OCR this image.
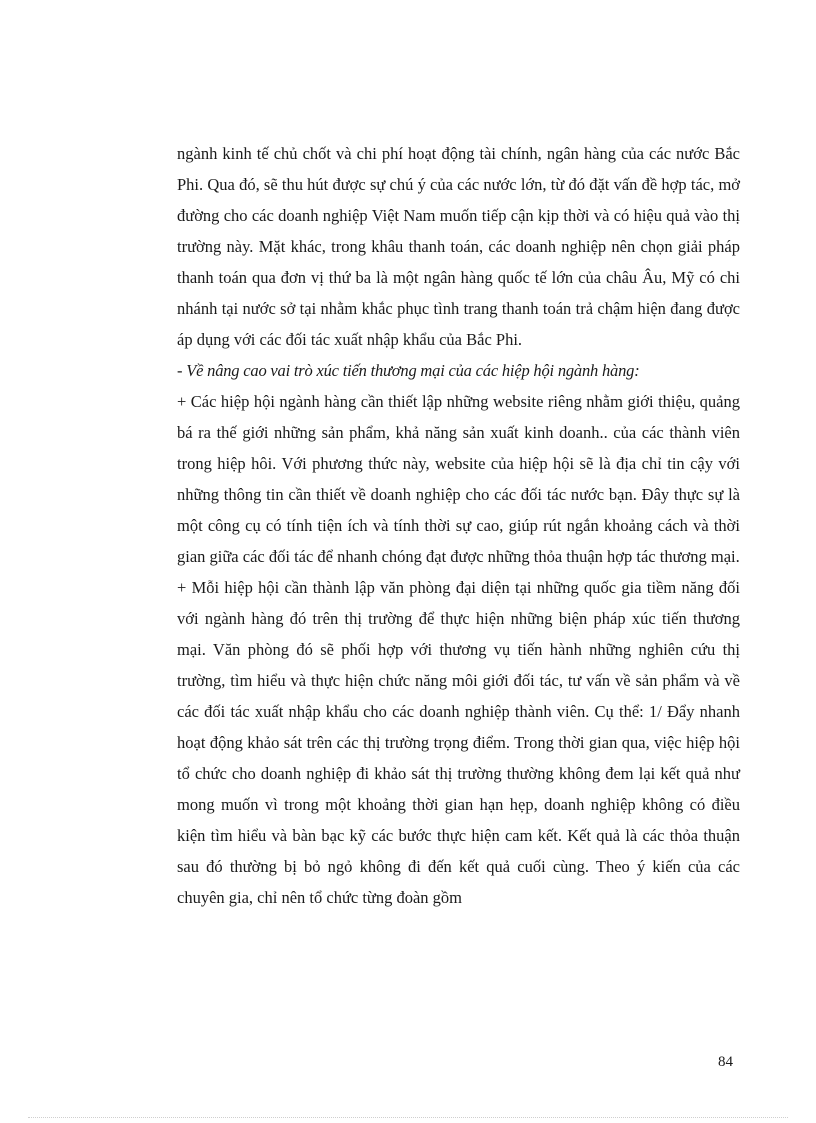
ngành kinh tế chủ chốt và chi phí hoạt động tài chính, ngân hàng của các nước Bắc Phi. Qua đó, sẽ thu hút được sự chú ý của các nước lớn, từ đó đặt vấn đề hợp tác, mở đường cho các doanh nghiệp Việt Nam muốn tiếp cận kịp thời và có hiệu quả vào thị trường này. Mặt khác, trong khâu thanh toán, các doanh nghiệp nên chọn giải pháp thanh toán qua đơn vị thứ ba là một ngân hàng quốc tế lớn của châu Âu, Mỹ có chi nhánh tại nước sở tại nhằm khắc phục tình trang thanh toán trả chậm hiện đang được áp dụng với các đối tác xuất nhập khẩu của Bắc Phi.

- Về nâng cao vai trò xúc tiến thương mại của các hiệp hội ngành hàng:

+ Các hiệp hội ngành hàng cần thiết lập những website riêng nhằm giới thiệu, quảng bá ra thế giới những sản phẩm, khả năng sản xuất kinh doanh.. của các thành viên trong hiệp hôi. Với phương thức này, website của hiệp hội sẽ là địa chỉ tin cậy với những thông tin cần thiết về doanh nghiệp cho các đối tác nước bạn. Đây thực sự là một công cụ có tính tiện ích và tính thời sự cao, giúp rút ngắn khoảng cách và thời gian giữa các đối tác để nhanh chóng đạt được những thỏa thuận hợp tác thương mại.

+ Mỗi hiệp hội cần thành lập văn phòng đại diện tại những quốc gia tiềm năng đối với ngành hàng đó trên thị trường để thực hiện những biện pháp xúc tiến thương mại. Văn phòng đó sẽ phối hợp với thương vụ tiến hành những nghiên cứu thị trường, tìm hiểu và thực hiện chức năng môi giới đối tác, tư vấn về sản phẩm và về các đối tác xuất nhập khẩu cho các doanh nghiệp thành viên. Cụ thể: 1/ Đẩy nhanh hoạt động khảo sát trên các thị trường trọng điểm. Trong thời gian qua, việc hiệp hội tổ chức cho doanh nghiệp đi khảo sát thị trường thường không đem lại kết quả như mong muốn vì trong một khoảng thời gian hạn hẹp, doanh nghiệp không có điều kiện tìm hiểu và bàn bạc kỹ các bước thực hiện cam kết. Kết quả là các thỏa thuận sau đó thường bị bỏ ngỏ không đi đến kết quả cuối cùng. Theo ý kiến của các chuyên gia, chỉ nên tổ chức từng đoàn gồm

84
